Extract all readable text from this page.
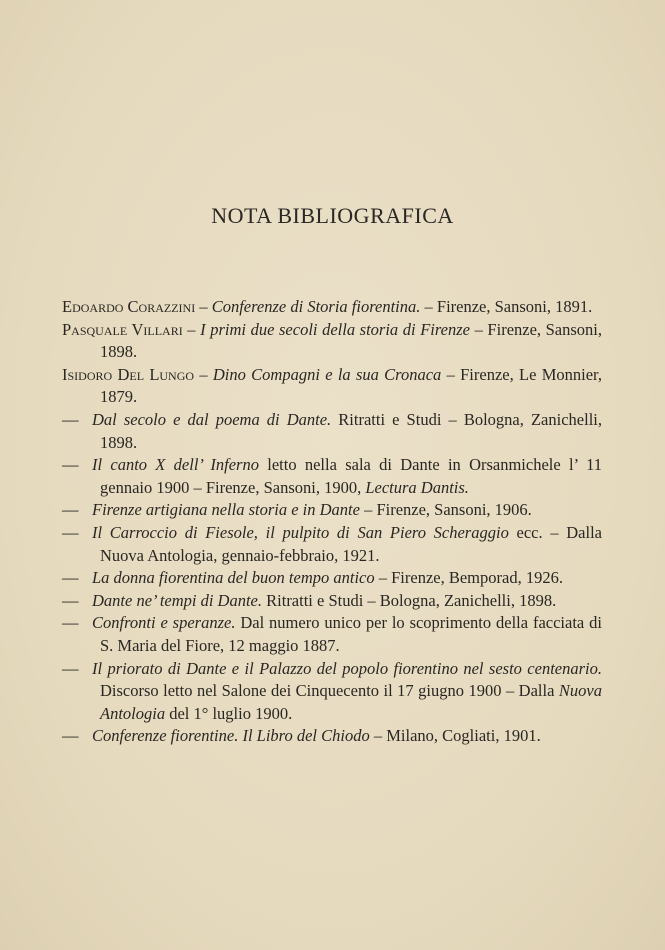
NOTA BIBLIOGRAFICA
Edoardo Corazzini – Conferenze di Storia fiorentina. – Firenze, Sansoni, 1891.
Pasquale Villari – I primi due secoli della storia di Firenze – Firenze, Sansoni, 1898.
Isidoro Del Lungo – Dino Compagni e la sua Cronaca – Firenze, Le Monnier, 1879.
— Dal secolo e dal poema di Dante. Ritratti e Studi – Bologna, Zanichelli, 1898.
— Il canto X dell’ Inferno letto nella sala di Dante in Orsanmichele l’ 11 gennaio 1900 – Firenze, Sansoni, 1900, Lectura Dantis.
— Firenze artigiana nella storia e in Dante – Firenze, Sansoni, 1906.
— Il Carroccio di Fiesole, il pulpito di San Piero Scheraggio ecc. – Dalla Nuova Antologia, gennaio-febbraio, 1921.
— La donna fiorentina del buon tempo antico – Firenze, Bemporad, 1926.
— Dante ne’ tempi di Dante. Ritratti e Studi – Bologna, Zanichelli, 1898.
— Confronti e speranze. Dal numero unico per lo scoprimento della facciata di S. Maria del Fiore, 12 maggio 1887.
— Il priorato di Dante e il Palazzo del popolo fiorentino nel sesto centenario. Discorso letto nel Salone dei Cinquecento il 17 giugno 1900 – Dalla Nuova Antologia del 1° luglio 1900.
— Conferenze fiorentine. Il Libro del Chiodo – Milano, Cogliati, 1901.
